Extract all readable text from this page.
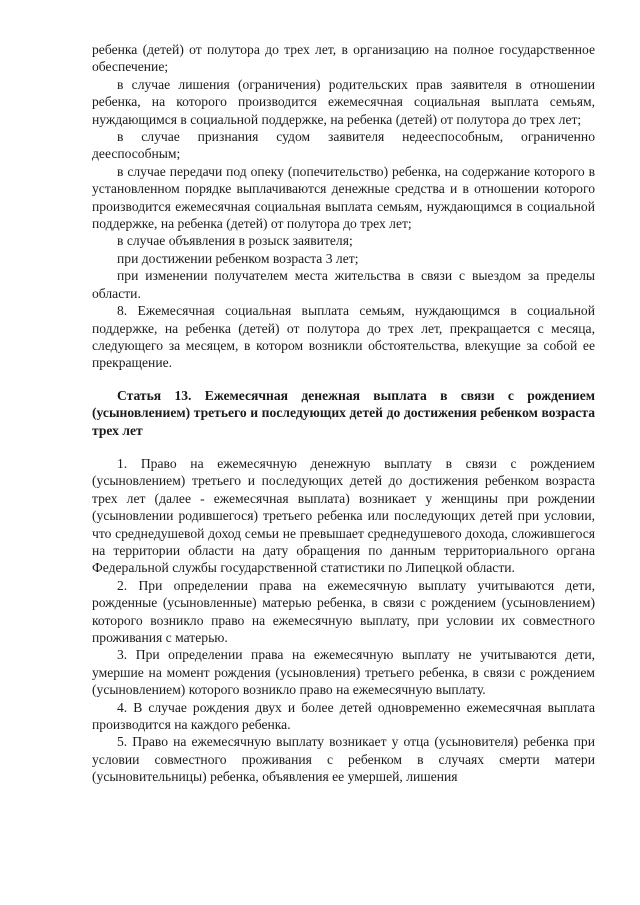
ребенка (детей) от полутора до трех лет, в организацию на полное государственное обеспечение;

в случае лишения (ограничения) родительских прав заявителя в отношении ребенка, на которого производится ежемесячная социальная выплата семьям, нуждающимся в социальной поддержке, на ребенка (детей) от полутора до трех лет;

в случае признания судом заявителя недееспособным, ограниченно дееспособным;

в случае передачи под опеку (попечительство) ребенка, на содержание которого в установленном порядке выплачиваются денежные средства и в отношении которого производится ежемесячная социальная выплата семьям, нуждающимся в социальной поддержке, на ребенка (детей) от полутора до трех лет;

в случае объявления в розыск заявителя;

при достижении ребенком возраста 3 лет;

при изменении получателем места жительства в связи с выездом за пределы области.

8. Ежемесячная социальная выплата семьям, нуждающимся в социальной поддержке, на ребенка (детей) от полутора до трех лет, прекращается с месяца, следующего за месяцем, в котором возникли обстоятельства, влекущие за собой ее прекращение.

Статья 13. Ежемесячная денежная выплата в связи с рождением (усыновлением) третьего и последующих детей до достижения ребенком возраста трех лет

1. Право на ежемесячную денежную выплату в связи с рождением (усыновлением) третьего и последующих детей до достижения ребенком возраста трех лет (далее - ежемесячная выплата) возникает у женщины при рождении (усыновлении родившегося) третьего ребенка или последующих детей при условии, что среднедушевой доход семьи не превышает среднедушевого дохода, сложившегося на территории области на дату обращения по данным территориального органа Федеральной службы государственной статистики по Липецкой области.

2. При определении права на ежемесячную выплату учитываются дети, рожденные (усыновленные) матерью ребенка, в связи с рождением (усыновлением) которого возникло право на ежемесячную выплату, при условии их совместного проживания с матерью.

3. При определении права на ежемесячную выплату не учитываются дети, умершие на момент рождения (усыновления) третьего ребенка, в связи с рождением (усыновлением) которого возникло право на ежемесячную выплату.

4. В случае рождения двух и более детей одновременно ежемесячная выплата производится на каждого ребенка.

5. Право на ежемесячную выплату возникает у отца (усыновителя) ребенка при условии совместного проживания с ребенком в случаях смерти матери (усыновительницы) ребенка, объявления ее умершей, лишения
